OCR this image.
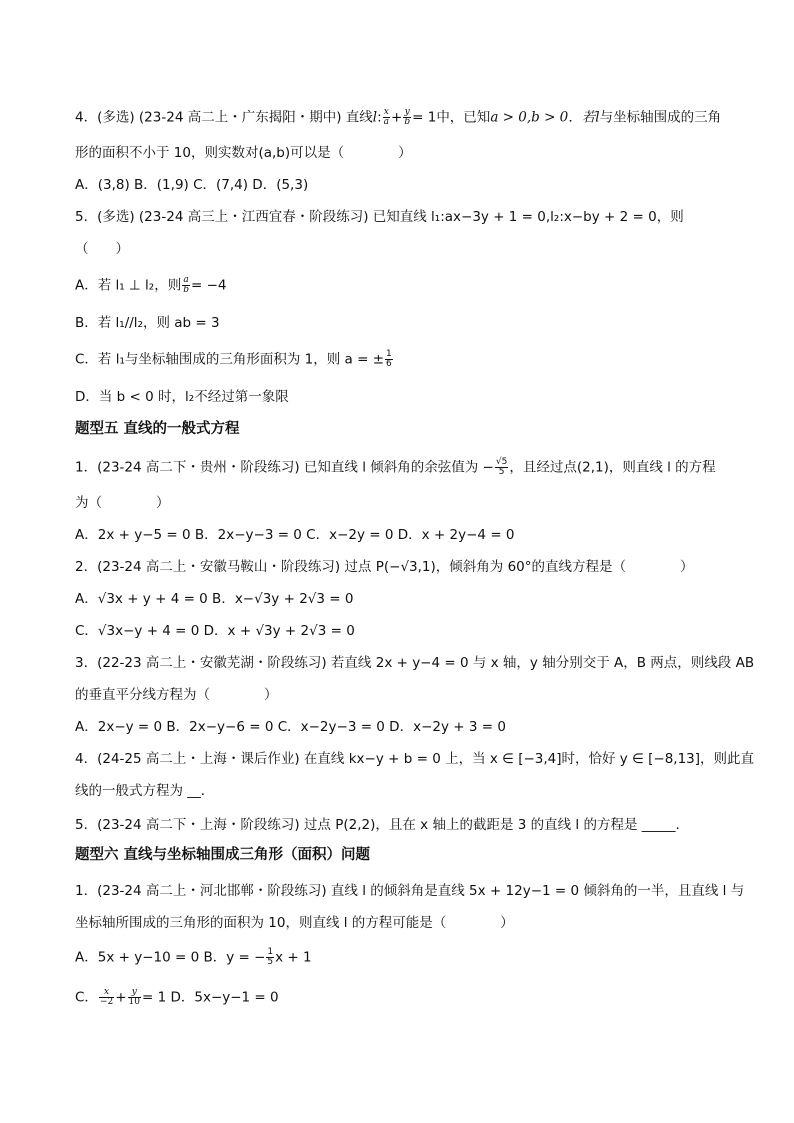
4．(多选) (23-24 高二上・广东揭阳・期中) 直线l: $\frac{x}{a} + \frac{y}{b} = 1$中，已知a > 0,b > 0．若l与坐标轴围成的三角
形的面积不小于 10，则实数对(a,b)可以是（　　　　）
A．(3,8) B．(1,9) C．(7,4) D．(5,3)
5．(多选) (23-24 高三上・江西宜春・阶段练习) 已知直线 l₁:ax−3y + 1 = 0,l₂:x−by + 2 = 0，则
（　　）
A．若 l₁ ⊥ l₂，则 $\frac{a}{b} = -4$
B．若 l₁//l₂，则 ab = 3
C．若 l₁与坐标轴围成的三角形面积为 1，则 a = ± $\frac{1}{6}$
D．当 b < 0 时，l₂不经过第一象限
题型五 直线的一般式方程
1．(23-24 高二下・贵州・阶段练习) 已知直线 l 倾斜角的余弦值为 − $\frac{√5}{5}$ ，且经过点(2,1)，则直线 l 的方程
为（　　　　）
A．2x + y−5 = 0 B．2x−y−3 = 0 C．x−2y = 0 D．x + 2y−4 = 0
2．(23-24 高二上・安徽马鞍山・阶段练习) 过点 P(−√3,1)，倾斜角为 60°的直线方程是（　　　　）
A．√3x + y + 4 = 0 B．x−√3y + 2√3 = 0
C．√3x−y + 4 = 0 D．x + √3y + 2√3 = 0
3．(22-23 高二上・安徽芜湖・阶段练习) 若直线 2x + y−4 = 0 与 x 轴，y 轴分别交于 A，B 两点，则线段 AB
的垂直平分线方程为（　　　　）
A．2x−y = 0 B．2x−y−6 = 0 C．x−2y−3 = 0 D．x−2y + 3 = 0
4．(24-25 高二上・上海・课后作业) 在直线 kx−y + b = 0 上，当 x ∈ [−3,4]时，恰好 y ∈ [−8,13]，则此直
线的一般式方程为 __．
5．(23-24 高二下・上海・阶段练习) 过点 P(2,2)，且在 x 轴上的截距是 3 的直线 l 的方程是 _____.
题型六 直线与坐标轴围成三角形（面积）问题
1．(23-24 高二上・河北邯郸・阶段练习) 直线 l 的倾斜角是直线 5x + 12y−1 = 0 倾斜角的一半，且直线 l 与
坐标轴所围成的三角形的面积为 10，则直线 l 的方程可能是（　　　　）
A．5x + y−10 = 0 B．y = − $\frac{1}{5}$ x + 1
C． $\frac{x}{-2} + \frac{y}{10} = 1$ D．5x−y−1 = 0
